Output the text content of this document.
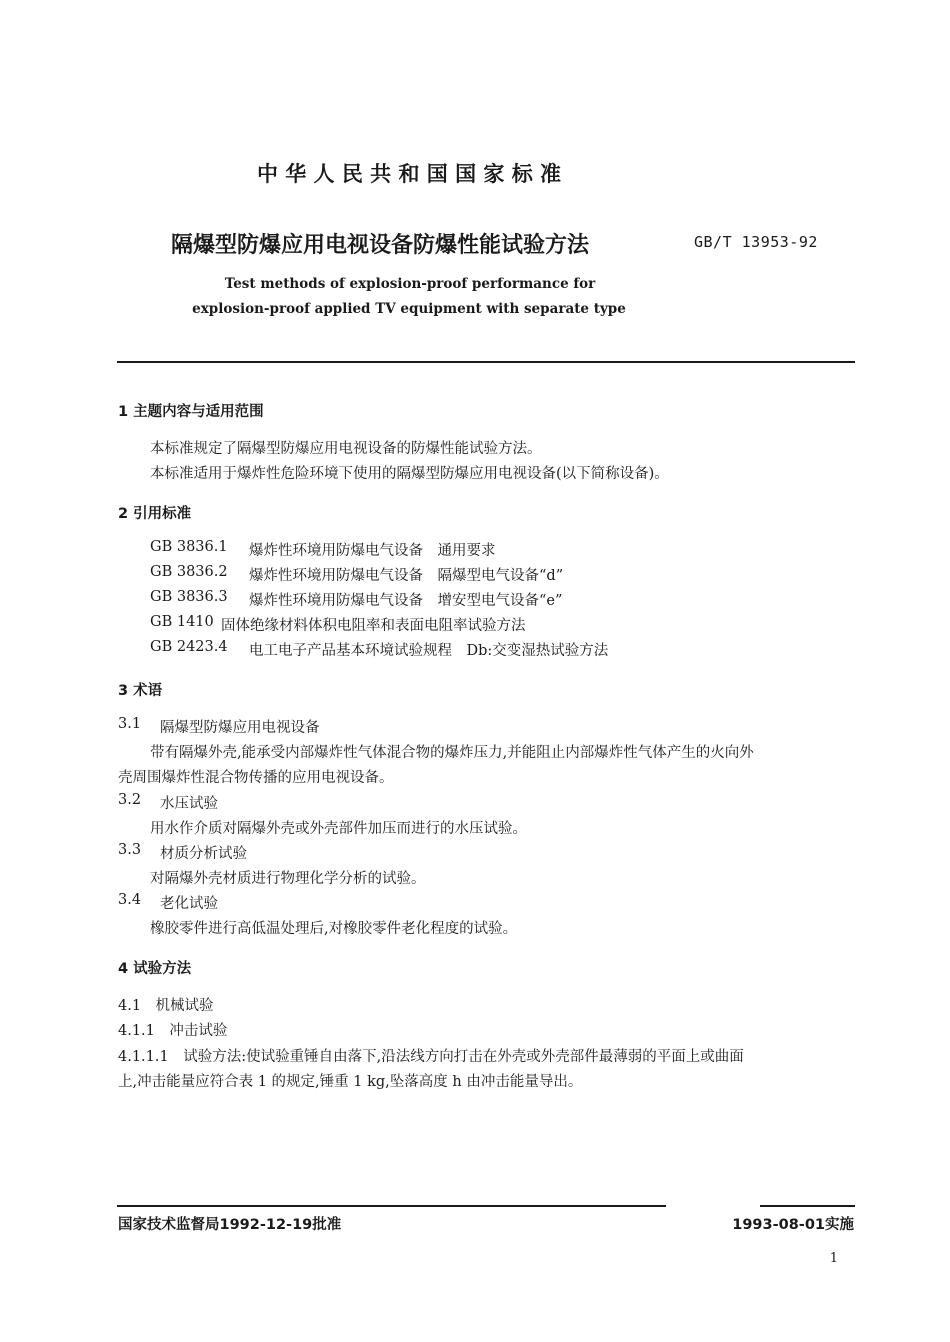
中 华 人 民 共 和 国 国 家 标 准
隔爆型防爆应用电视设备防爆性能试验方法	GB/T 13953-92
Test methods of explosion-proof performance for
explosion-proof applied TV equipment with separate type
1 主题内容与适用范围
本标准规定了隔爆型防爆应用电视设备的防爆性能试验方法。
本标准适用于爆炸性危险环境下使用的隔爆型防爆应用电视设备(以下简称设备)。
2 引用标准
GB 3836.1 爆炸性环境用防爆电气设备　通用要求
GB 3836.2 爆炸性环境用防爆电气设备　隔爆型电气设备“d”
GB 3836.3 爆炸性环境用防爆电气设备　增安型电气设备“e”
GB 1410 固体绝缘材料体积电阻率和表面电阻率试验方法
GB 2423.4 电工电子产品基本环境试验规程　Db:交变湿热试验方法
3 术语
3.1 隔爆型防爆应用电视设备
带有隔爆外壳,能承受内部爆炸性气体混合物的爆炸压力,并能阻止内部爆炸性气体产生的火向外
壳周围爆炸性混合物传播的应用电视设备。
3.2 水压试验
用水作介质对隔爆外壳或外壳部件加压而进行的水压试验。
3.3 材质分析试验
对隔爆外壳材质进行物理化学分析的试验。
3.4 老化试验
橡胶零件进行高低温处理后,对橡胶零件老化程度的试验。
4 试验方法
4.1　机械试验
4.1.1　冲击试验
4.1.1.1　试验方法:使试验重锤自由落下,沿法线方向打击在外壳或外壳部件最薄弱的平面上或曲面
上,冲击能量应符合表 1 的规定,锤重 1 kg,坠落高度 h 由冲击能量导出。
国家技术监督局1992-12-19批准	1993-08-01实施
1
